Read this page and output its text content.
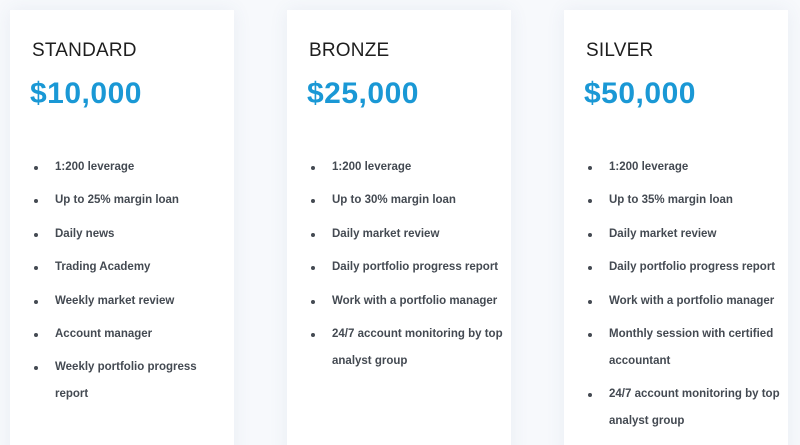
STANDARD
$10,000
1:200 leverage
Up to 25% margin loan
Daily news
Trading Academy
Weekly market review
Account manager
Weekly portfolio progress report
BRONZE
$25,000
1:200 leverage
Up to 30% margin loan
Daily market review
Daily portfolio progress report
Work with a portfolio manager
24/7 account monitoring by top analyst group
SILVER
$50,000
1:200 leverage
Up to 35% margin loan
Daily market review
Daily portfolio progress report
Work with a portfolio manager
Monthly session with certified accountant
24/7 account monitoring by top analyst group
